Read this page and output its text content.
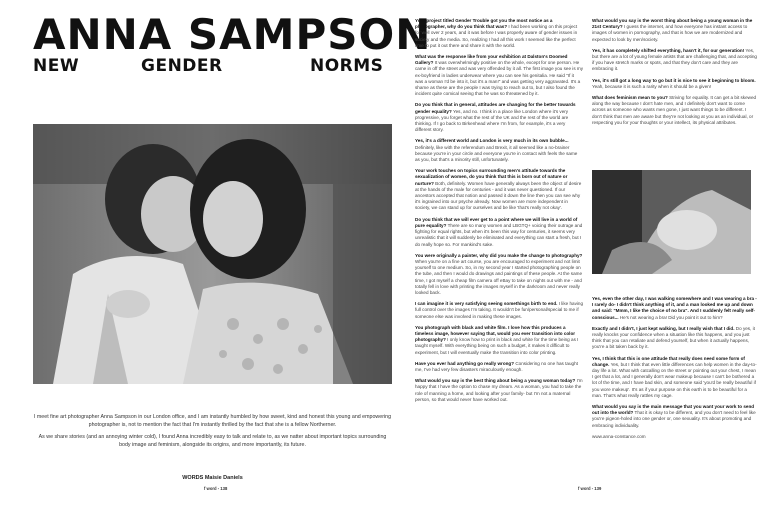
ANNA SAMPSON
NEW	GENDER	NORMS

I meet fine art photographer Anna Sampson in our London office, and I am instantly humbled by how sweet, kind and honest this young and empowering photographer is, not to mention the fact that I'm instantly thrilled by the fact that she is a fellow Northerner.

As we share stories (and an annoying winter cold), I found Anna incredibly easy to talk and relate to, as we natter about important topics surrounding body image and feminism, alongside its origins, and more importantly, its future.

WORDS Maisie Daniels
f word - 138

Your project titled Gender Trouble got you the most notice as a photographer, why do you think that was? I had been working on this project for well over 2 years, and it was before I was properly aware of gender issues in society and the media. So, realizing I had all this work I seemed like the perfect time to put it out there and share it with the world.

What was the response like from your exhibition at Dalston's Doomed Gallery? It was overwhelmingly positive on the whole, except for one person. He came in off the street and was very offended by it all. The first image you see is my ex-boyfriend in ladies underwear where you can see his genitalia. He said "If it was a woman I'd be into it, but it's a man!" and was getting very aggravated. It's a shame as these are the people I was trying to reach out to, but I also found the incident quite comical seeing that he was so threatened by it.

Do you think that in general, attitudes are changing for the better towards gender equality? Yes, and no. I think in a place like London where it's very progressive, you forget what the rest of the UK and the rest of the world are thinking. If I go back to Birkenhead where I'm from, for example, it's a very different story.

Yes, it's a different world and London is very much in its own bubble... Definitely, like with the referendum and Brexit, it all seemed like a no-brainer because you're in your circle and everyone you're in contact with feels the same as you, but that's a minority still, unfortunately.

Your work touches on topics surrounding men's attitude towards the sexualization of women, do you think that this is born out of nature or nurture? Both, definitely. Women have generally always been the object of desire at the hands of the male for centuries - and it was never questioned. If our ancestors accepted that notion and passed it down the line then you can see why it's ingrained into our psyche already. Now women are more independent in society, we can stand up for ourselves and be like 'that's really not okay'.

Do you think that we will ever get to a point where we will live in a world of pure equality? There are so many women and LBGTQ+ voicing their outrage and fighting for equal rights, but when it's been this way for centuries, it seems very unrealistic that it will suddenly be eliminated and everything can start a fresh, but I do really hope so. For mankind's sake.

You were originally a painter, why did you make the change to photography? When you're on a fine art course, you are encouraged to experiment and not limit yourself to one medium. So, in my second year I started photographing people on the tube, and then I would do drawings and paintings of these people. At the same time, I got myself a cheap film camera off eBay to take on nights out with me - and totally fell in love with printing the images myself in the darkroom and never really looked back.

I can imagine it is very satisfying seeing somethings birth to end. I like having full control over the images I'm taking. It wouldn't be fun/personal/special to me if someone else was involved in making these images.

You photograph with black and white film. I love how this produces a timeless image, however saying that, would you ever transition into color photography? I only know how to print in black and white for the time being as I taught myself. With everything being on such a budget, it makes it difficult to experiment, but I will eventually make the transition into color printing.

Have you ever had anything go really wrong? Considering no one has taught me, I've had very few disasters miraculously enough.

What would you say is the best thing about being a young woman today? I'm happy that I have the option to chase my dream. As a woman, you had to take the role of manning a home, and looking after your family- but I'm not a maternal person, so that would never have worked out.

What would you say is the worst thing about being a young woman in the 21st Century? I guess the internet, and how everyone has instant access to images of women in pornography, and that is how we are modernized and expected to look by men/society.

Yes, it has completely shifted everything, hasn't it, for our generation! Yes, but there are a lot of young female artists that are challenging that, and accepting if you have stretch marks or spots, and that they don't care and they are embracing it.

Yes, it's still got a long way to go but it is nice to see it beginning to bloom. Yeah, because it is such a rarity when it should be a given!

What does feminism mean to you? Striving for equality. It can get a bit skewed along the way because I don't hate men, and I definitely don't want to come across as someone who wants men gone, I just want things to be different. I don't think that men are aware but they're not looking at you as an individual, or respecting you for your thoughts or your intellect, its physical attributes.

Yes, even the other day, I was walking somewhere and I was wearing a bra -I rarely do- I didn't think anything of it, and a man looked me up and down and said: "Mmm, I like the choice of no bra". And I suddenly felt really self-conscious... He's not wearing a bra! Did you point it out to him?

Exactly and I didn't, I just kept walking, but I really wish that I did. Do yes, it really knocks your confidence when a situation like this happens, and you just think that you can retaliate and defend yourself, but when it actually happens, you're a bit taken back by it.

Yes, I think that this is one attitude that really does need some form of change. Yes, but I think that even little differences can help women in the day-to-day life a lot. What with catcalling on the street or pointing out your chest, I mean I get that a lot, and I generally don't wear makeup because I can't be bothered a lot of the time, and I have bad skin, and someone said 'you'd be really beautiful if you wore makeup'. It's as if your purpose on this earth is to be beautiful for a man. That's what really rattles my cage.

What would you say is the main message that you want your work to send out into the world? That it is okay to be different, and you don't need to feel like you're pigeon-holed into one gender or, one sexuality. It's about promoting and embracing individuality.

www.anna-constance.com

f word - 139
